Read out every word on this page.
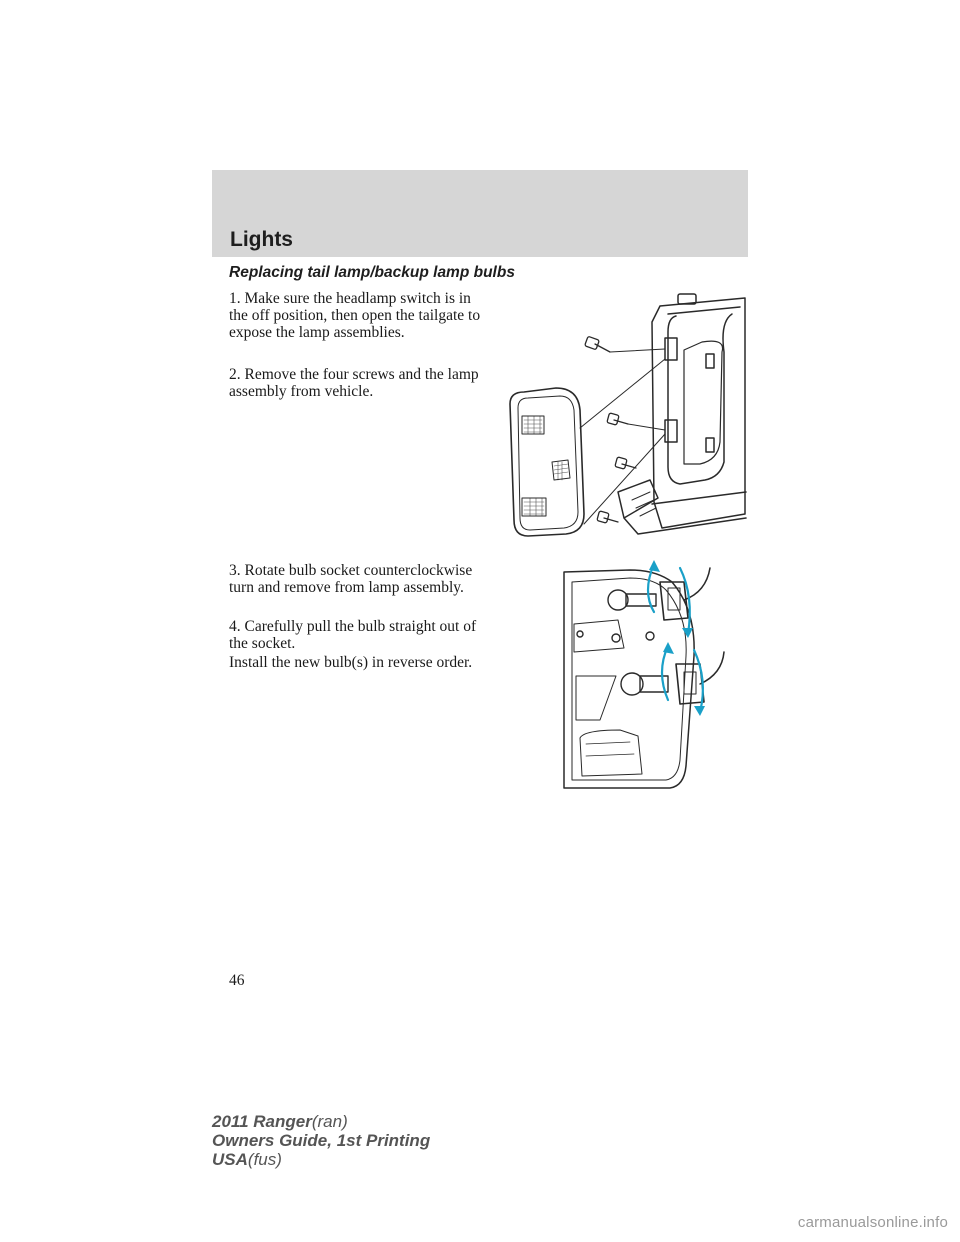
Lights
Replacing tail lamp/backup lamp bulbs

1. Make sure the headlamp switch is in the off position, then open the tailgate to expose the lamp assemblies.

2. Remove the four screws and the lamp assembly from vehicle.

3. Rotate bulb socket counterclockwise turn and remove from lamp assembly.

4. Carefully pull the bulb straight out of the socket.

Install the new bulb(s) in reverse order.

46
2011 Ranger(ran)
Owners Guide, 1st Printing
USA(fus)
carmanualsonline.info
